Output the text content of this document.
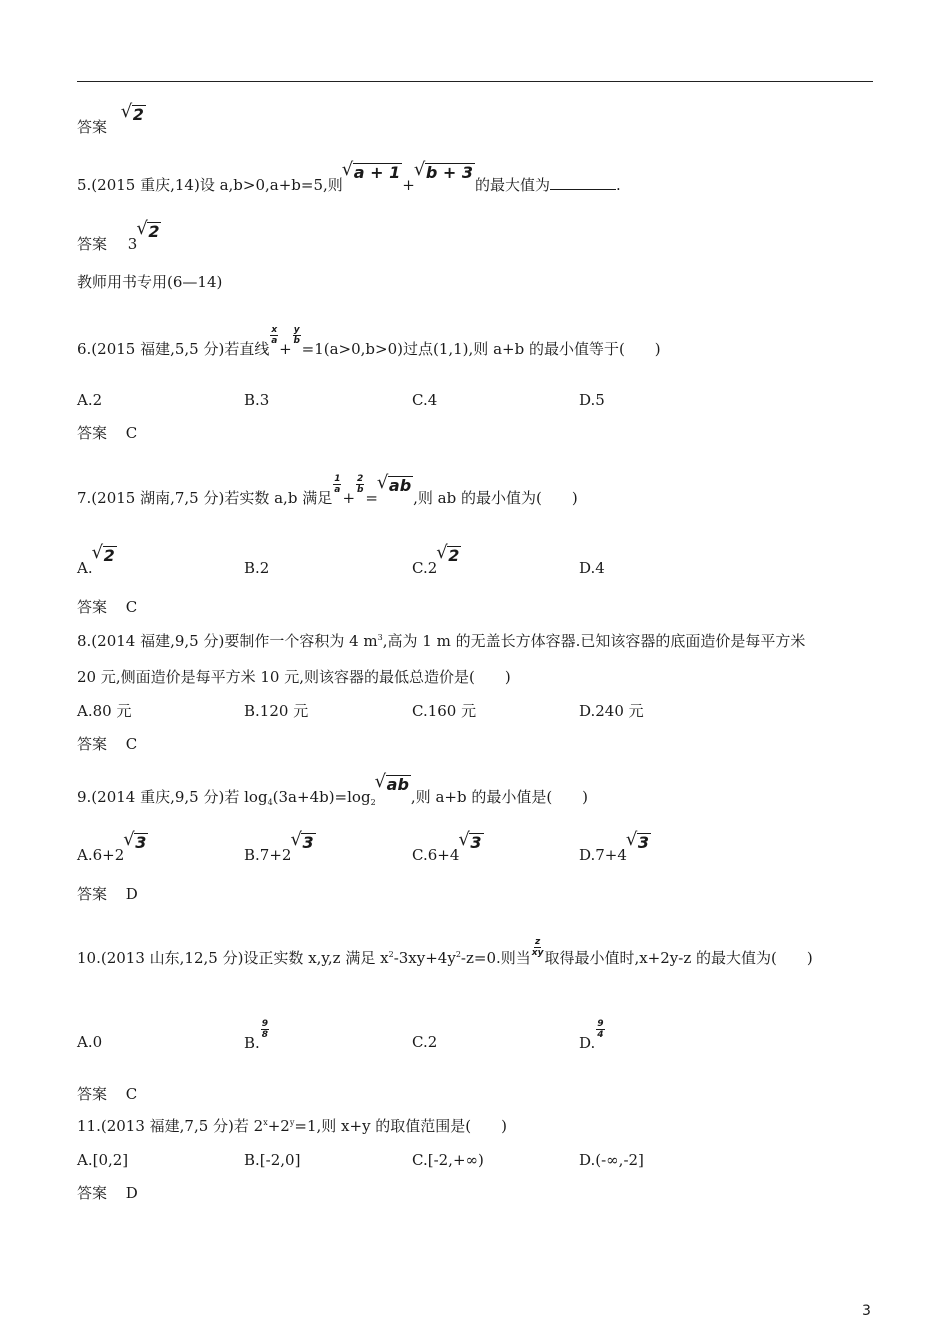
答案 √ 2
5.(2015 重庆,14)设 a,b>0,a+b=5,则√ a + 1+√ b + 3的最大值为	.
答案 3√ 2
教师用书专用(6—14)
6.(2015 福建,5,5 分)若直线
$\frac{x}{a}$
+
$\frac{y}{b}$
=1(a>0,b>0)过点(1,1),则 a+b 的最小值等于(　　)
A.2	B.3	C.4	D.5
答案 C
7.(2015 湖南,7,5 分)若实数 a,b 满足
$\frac{1}{a}$
+
$\frac{2}{b}$
=√ ab,则 ab 的最小值为(　　)
A.√ 2
B.2	C.2√ 2
D.4
答案 C
8.(2014 福建,9,5 分)要制作一个容积为 4 $m^3$,高为 1 m 的无盖长方体容器.已知该容器的底面造价是每平方米
20 元,侧面造价是每平方米 10 元,则该容器的最低总造价是(　　)
A.80 元	B.120 元	C.160 元	D.240 元
答案 C
9.(2014 重庆,9,5 分)若 $\log_4(3a+4b)=\log_2√$ ab,则 a+b 的最小值是(　　)
A.6+2√ 3
B.7+2√ 3
C.6+4√ 3
D.7+4√ 3
答案 D
10.(2013 山东,12,5 分)设正实数 x,y,z 满足 $x^2-3xy+4y^2-z=0$.则当 $\frac{z}{xy}$ 取得最小值时,x+2y-z 的最大值为(　　)
A.0	B.
$\frac{9}{8}$
C.2	D.
$\frac{9}{4}$
答案 C
11.(2013 福建,7,5 分)若 $2^x+2^y=1$,则 x+y 的取值范围是(　　)
A.[0,2]	B.[-2,0]	C.[-2,+∞)	D.(-∞,-2]
答案 D
3
